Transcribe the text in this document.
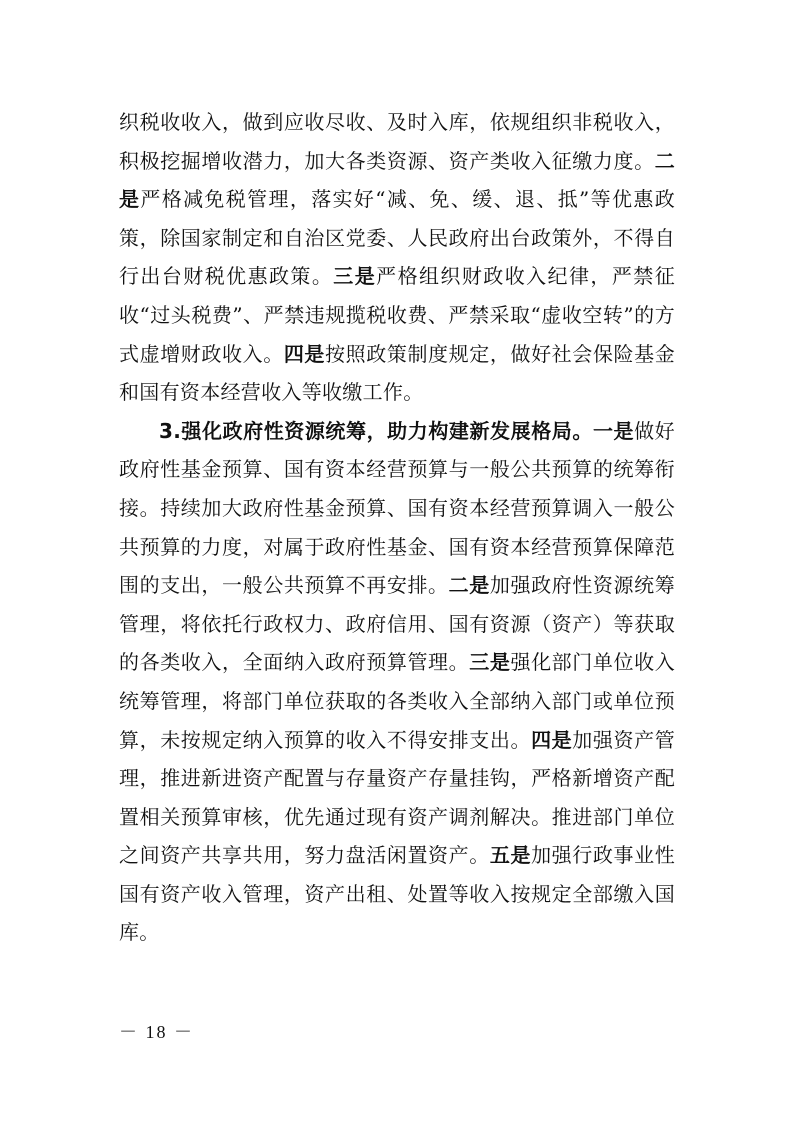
织税收收入，做到应收尽收、及时入库，依规组织非税收入，积极挖掘增收潜力，加大各类资源、资产类收入征缴力度。二是严格减免税管理，落实好“减、免、缓、退、抵”等优惠政策，除国家制定和自治区党委、人民政府出台政策外，不得自行出台财税优惠政策。三是严格组织财政收入纪律，严禁征收“过头税费”、严禁违规揽税收费、严禁采取“虚收空转”的方式虚增财政收入。四是按照政策制度规定，做好社会保险基金和国有资本经营收入等收缴工作。

3.强化政府性资源统筹，助力构建新发展格局。一是做好政府性基金预算、国有资本经营预算与一般公共预算的统筹衔接。持续加大政府性基金预算、国有资本经营预算调入一般公共预算的力度，对属于政府性基金、国有资本经营预算保障范围的支出，一般公共预算不再安排。二是加强政府性资源统筹管理，将依托行政权力、政府信用、国有资源（资产）等获取的各类收入，全面纳入政府预算管理。三是强化部门单位收入统筹管理，将部门单位获取的各类收入全部纳入部门或单位预算，未按规定纳入预算的收入不得安排支出。四是加强资产管理，推进新进资产配置与存量资产存量挂钩，严格新增资产配置相关预算审核，优先通过现有资产调剂解决。推进部门单位之间资产共享共用，努力盘活闲置资产。五是加强行政事业性国有资产收入管理，资产出租、处置等收入按规定全部缴入国库。

－ 18 －
